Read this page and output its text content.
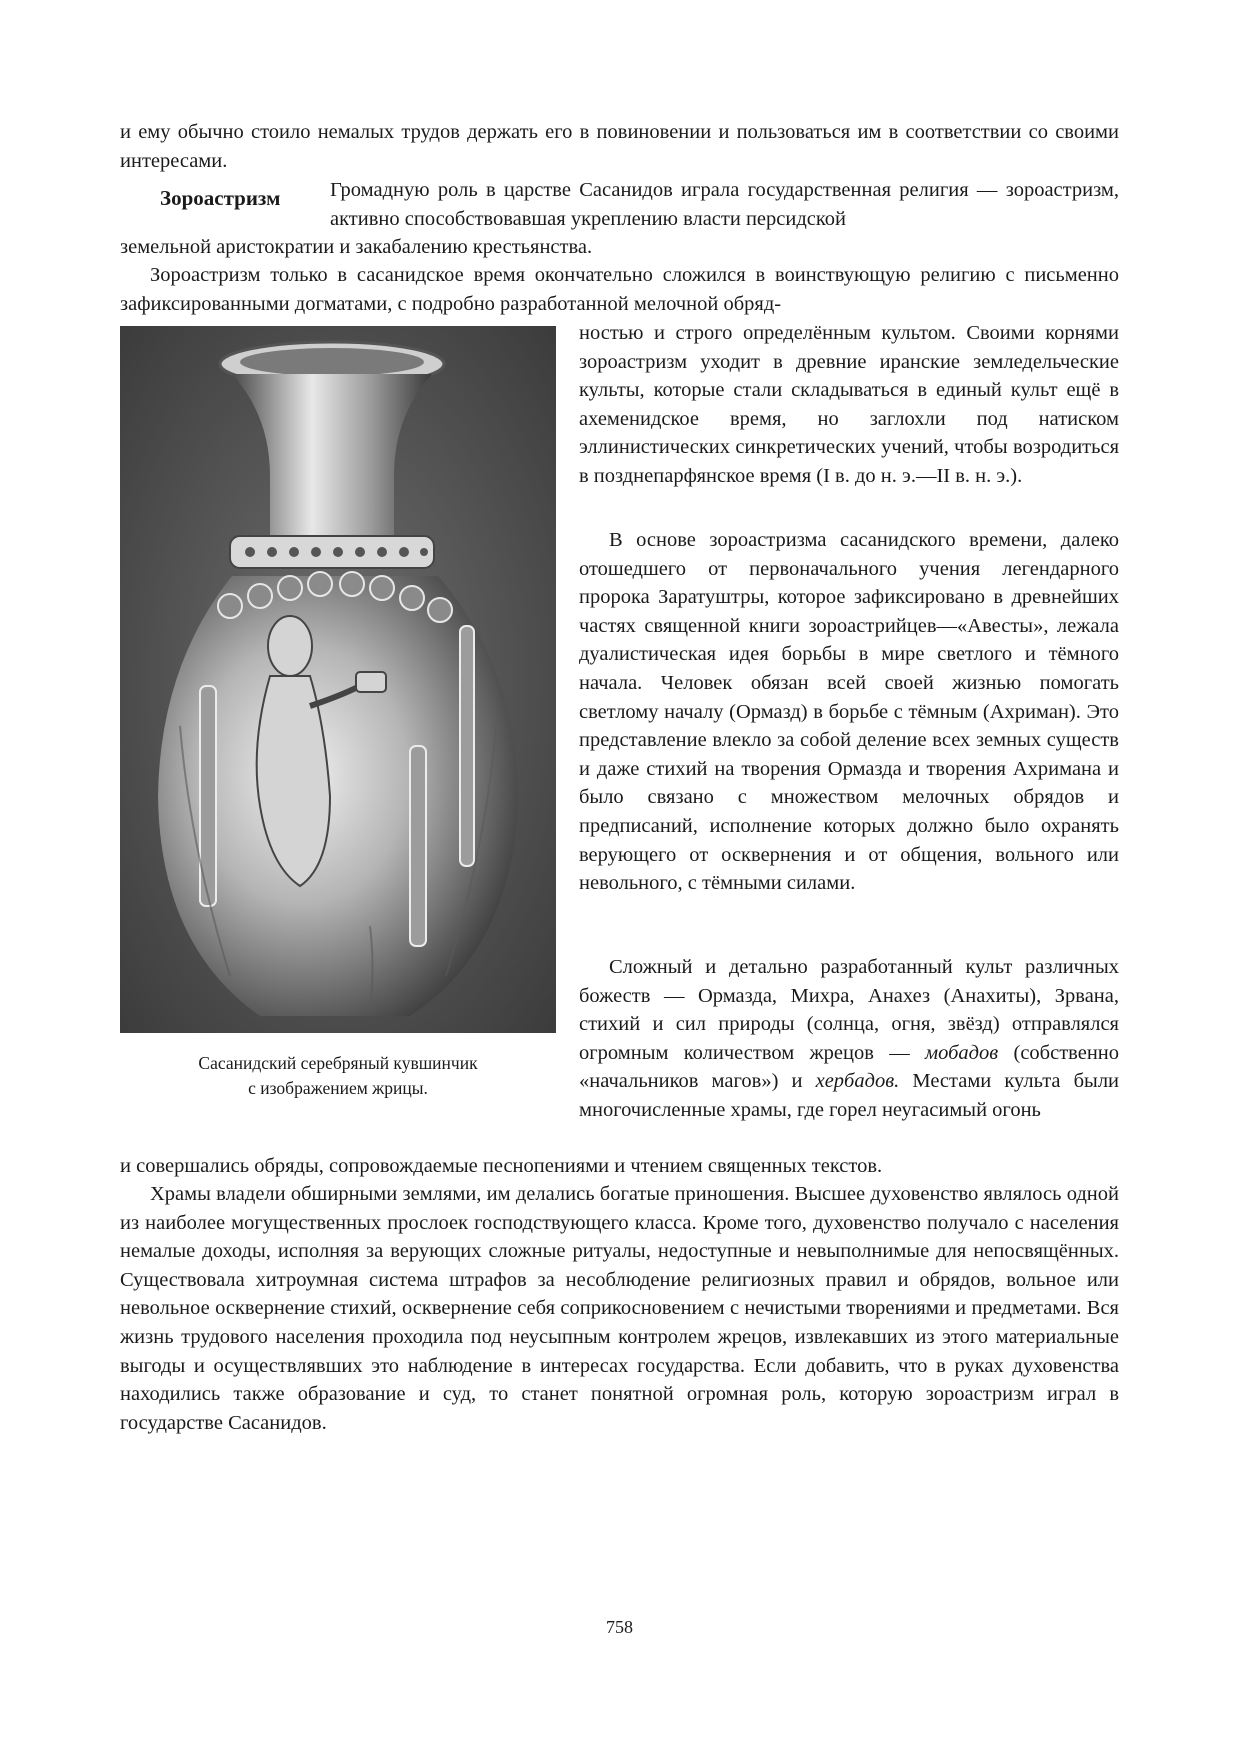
и ему обычно стоило немалых трудов держать его в повиновении и пользоваться им в соответствии со своими интересами.

Зороастризм Громадную роль в царстве Сасанидов играла государственная религия — зороастризм, активно способствовавшая укреплению власти персидской

земельной аристократии и закабалению крестьянства.

Зороастризм только в сасанидское время окончательно сложился в воинствующую религию с письменно зафиксированными догматами, с подробно разработанной мелочной обряд-

ностью и строго определённым культом. Своими корнями зороастризм уходит в древние иранские земледельческие культы, которые стали складываться в единый культ ещё в ахеменидское время, но заглохли под натиском эллинистических синкретических учений, чтобы возродиться в позднепарфянское время (I в. до н. э.—II в. н. э.).

В основе зороастризма сасанидского времени, далеко отошедшего от первоначального учения легендарного пророка Заратуштры, которое зафиксировано в древнейших частях священной книги зороастрийцев—«Авесты», лежала дуалистическая идея борьбы в мире светлого и тёмного начала. Человек обязан всей своей жизнью помогать светлому началу (Ормазд) в борьбе с тёмным (Ахриман). Это представление влекло за собой деление всех земных существ и даже стихий на творения Ормазда и творения Ахримана и было связано с множеством мелочных обрядов и предписаний, исполнение которых должно было охранять верующего от осквернения и от общения, вольного или невольного, с тёмными силами.

Сложный и детально разработанный культ различных божеств — Ормазда, Михра, Анахез (Анахиты), Зрвана, стихий и сил природы (солнца, огня, звёзд) отправлялся огромным количеством жрецов — мобадов (собственно «начальников магов») и хербадов. Местами культа были многочисленные храмы, где горел неугасимый огонь

и совершались обряды, сопровождаемые песнопениями и чтением священных текстов.

Храмы владели обширными землями, им делались богатые приношения. Высшее духовенство являлось одной из наиболее могущественных прослоек господствующего класса. Кроме того, духовенство получало с населения немалые доходы, исполняя за верующих сложные ритуалы, недоступные и невыполнимые для непосвящённых. Существовала хитроумная система штрафов за несоблюдение религиозных правил и обрядов, вольное или невольное осквернение стихий, осквернение себя соприкосновением с нечистыми творениями и предметами. Вся жизнь трудового населения проходила под неусыпным контролем жрецов, извлекавших из этого материальные выгоды и осуществлявших это наблюдение в интересах государства. Если добавить, что в руках духовенства находились также образование и суд, то станет понятной огромная роль, которую зороастризм играл в государстве Сасанидов.

Сасанидский серебряный кувшинчик
с изображением жрицы.
758
